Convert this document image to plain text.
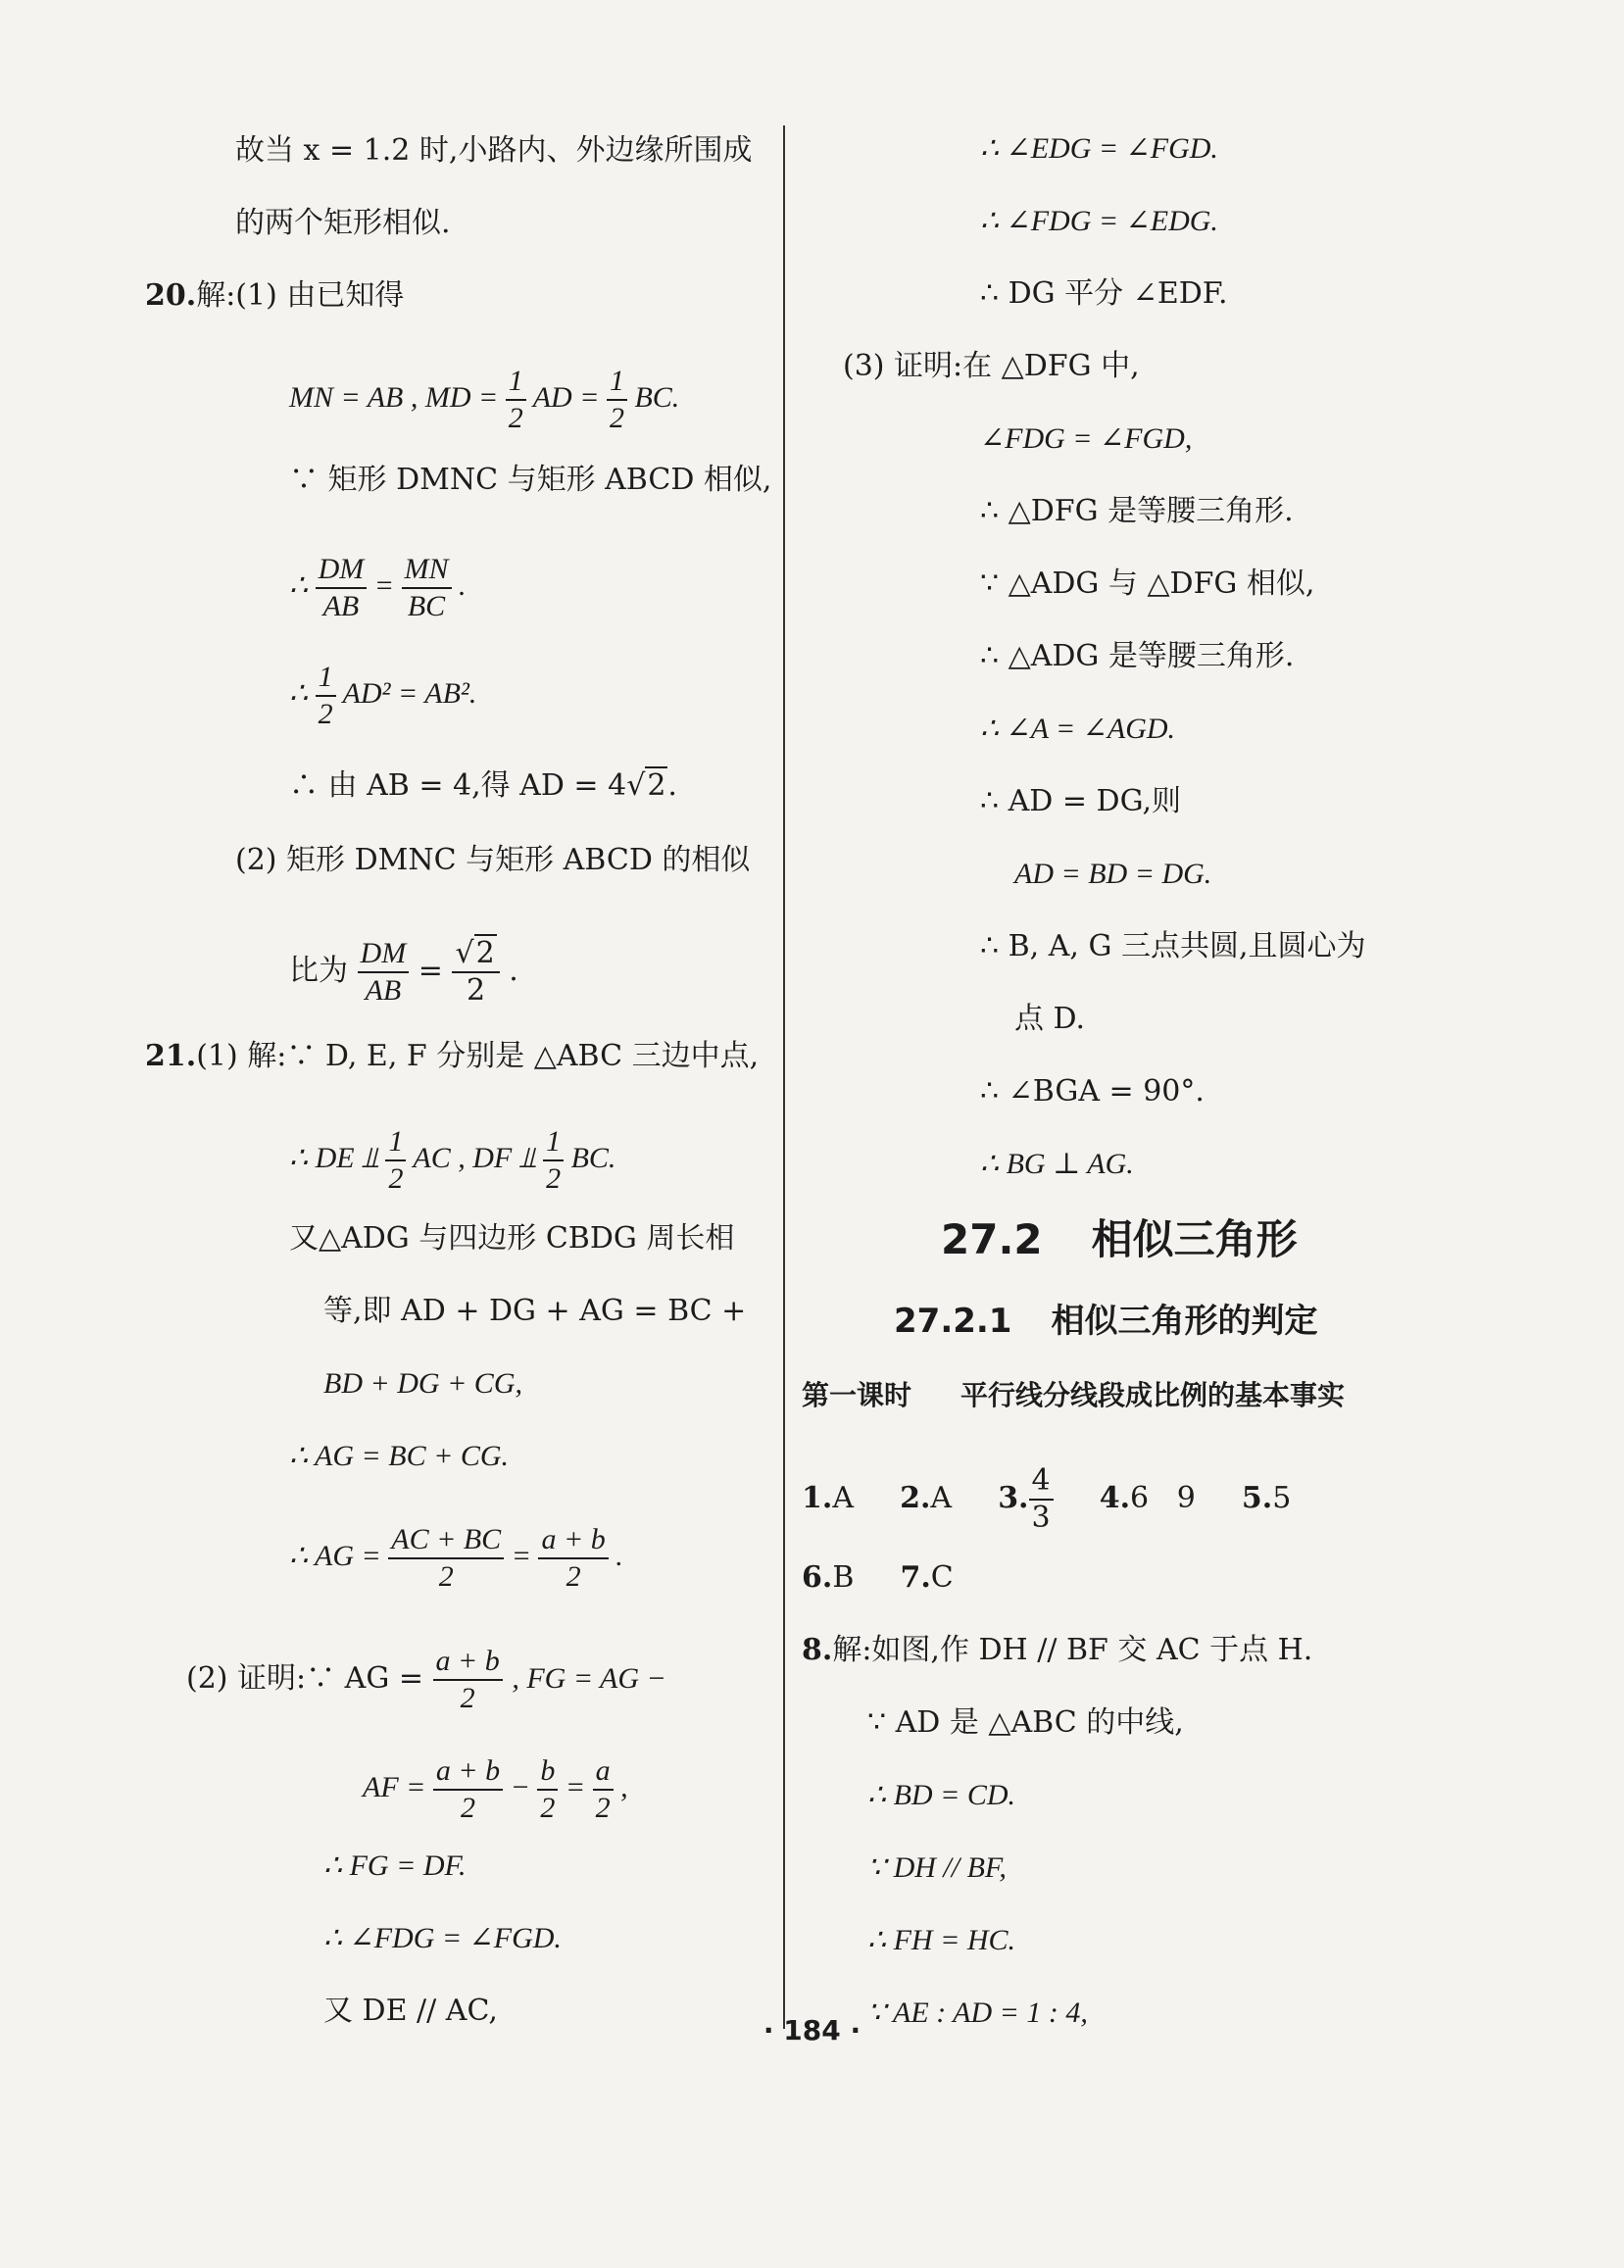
故当 x = 1.2 时,小路内、外边缘所围成
的两个矩形相似.
20.解:(1) 由已知得
MN = AB , MD = $\frac{1}{2}$ AD = $\frac{1}{2}$ BC.
∵ 矩形 DMNC 与矩形 ABCD 相似,
∴ $\frac{DM}{AB} = \frac{MN}{BC}$ .
∴ $\frac{1}{2} AD^2 = AB^2$.
∴ 由 AB = 4,得 AD = 4√2.
(2) 矩形 DMNC 与矩形 ABCD 的相似
比为 $\frac{DM}{AB} = \frac{√2}{2}$ .
21.(1) 解:∵ D, E, F 分别是 △ABC 三边中点,
∴ DE ⫫ $\frac{1}{2}$ AC , DF ⫫ $\frac{1}{2}$ BC.
又△ADG 与四边形 CBDG 周长相
等,即 AD + DG + AG = BC +
BD + DG + CG,
∴ AG = BC + CG.
∴ AG = $\frac{AC + BC}{2} = \frac{a + b}{2}$ .
(2) 证明:∵ AG = $\frac{a + b}{2}$ , FG = AG −
AF = $\frac{a + b}{2} - \frac{b}{2} = \frac{a}{2}$ ,
∴ FG = DF.
∴ ∠FDG = ∠FGD.
又 DE // AC,
∴ ∠EDG = ∠FGD.
∴ ∠FDG = ∠EDG.
∴ DG 平分 ∠EDF.
(3) 证明:在 △DFG 中,
∠FDG = ∠FGD,
∴ △DFG 是等腰三角形.
∵ △ADG 与 △DFG 相似,
∴ △ADG 是等腰三角形.
∴ ∠A = ∠AGD.
∴ AD = DG,则
AD = BD = DG.
∴ B, A, G 三点共圆,且圆心为
点 D.
∴ ∠BGA = 90°.
∴ BG ⊥ AG.
27.2 相似三角形
27.2.1 相似三角形的判定
第一课时 平行线分线段成比例的基本事实
1.A 2.A 3. $\frac{4}{3} 4.6$   9 5.5
6.B 7.C
8.解:如图,作 DH // BF 交 AC 于点 H.
∵ AD 是 △ABC 的中线,
∴ BD = CD.
∵ DH // BF,
∴ FH = HC.
∵ AE : AD = 1 : 4,
· 184 ·
